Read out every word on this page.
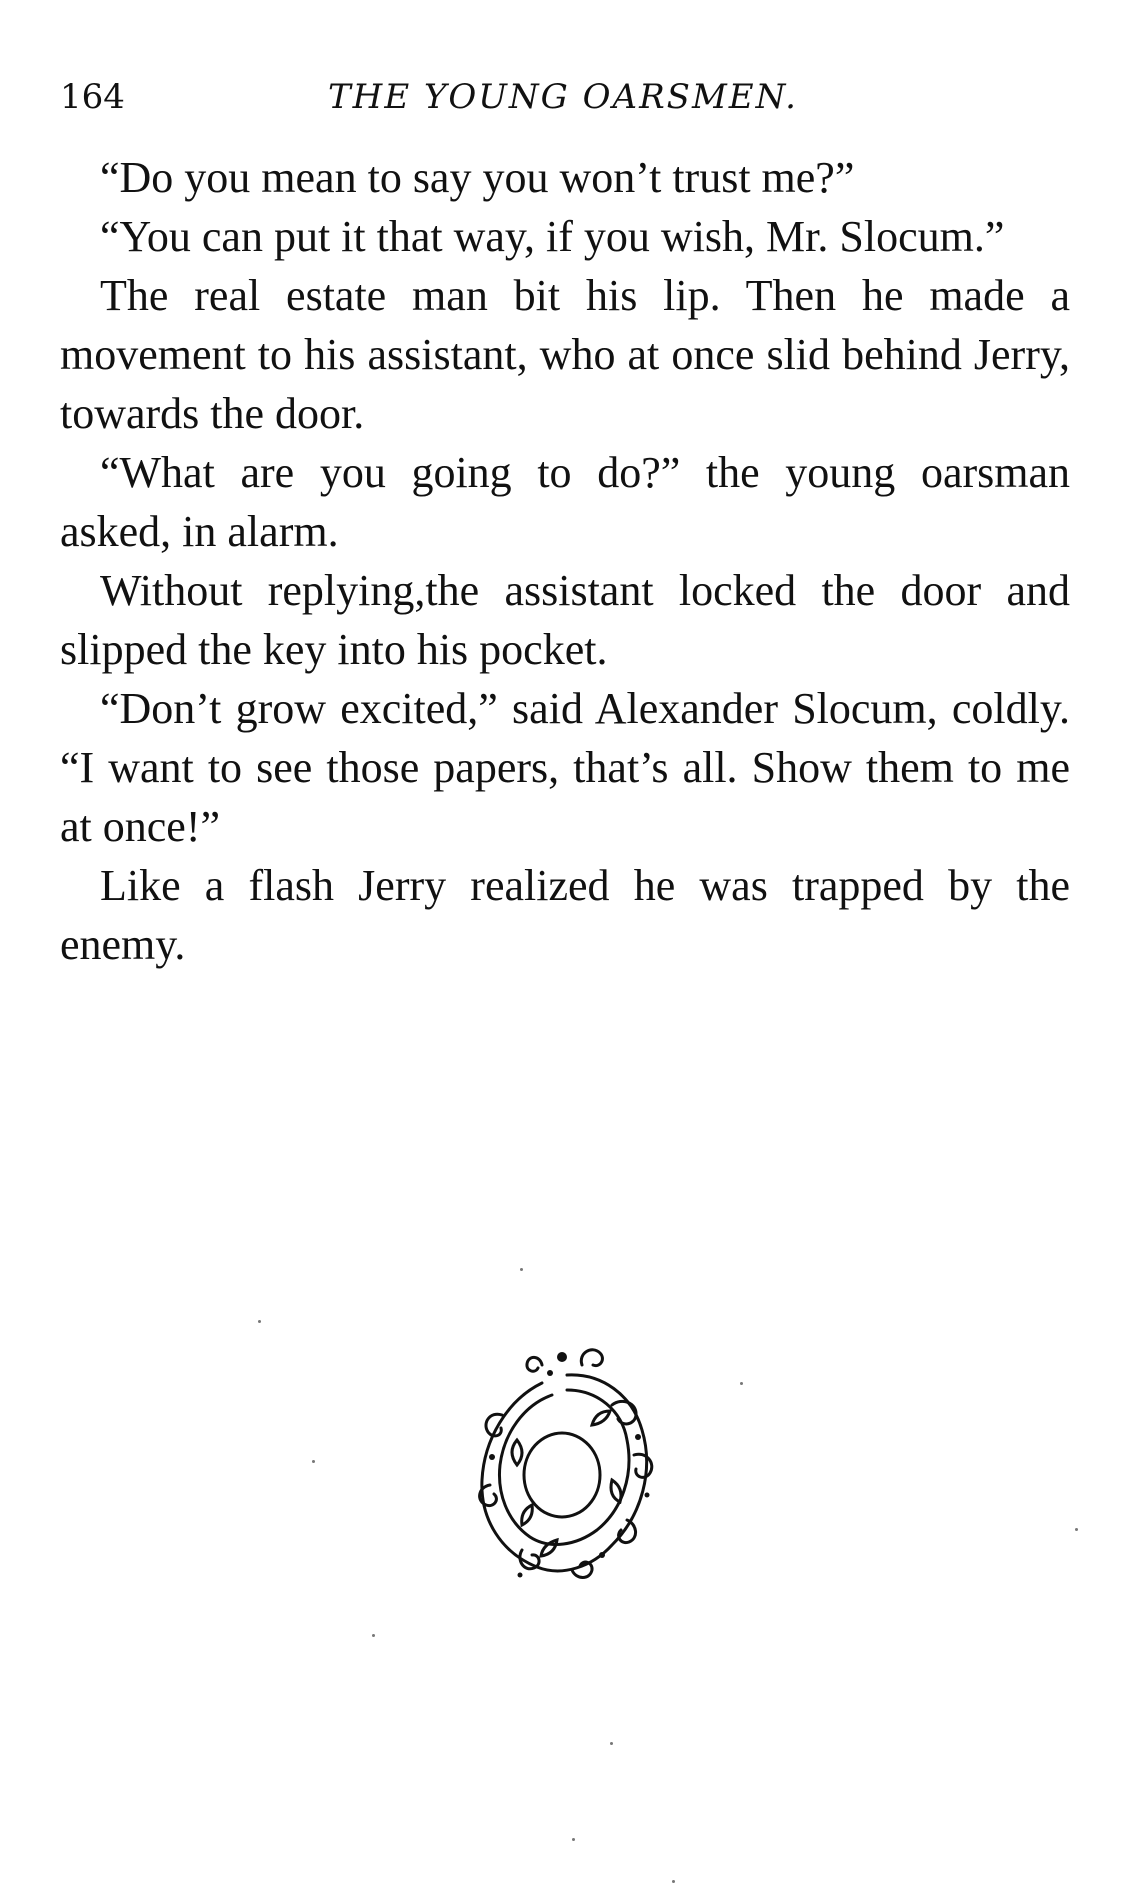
164	THE YOUNG OARSMEN.

“Do you mean to say you won’t trust me?”

“You can put it that way, if you wish, Mr. Slocum.”

The real estate man bit his lip. Then he made a movement to his assistant, who at once slid behind Jerry, towards the door.

“What are you going to do?” the young oarsman asked, in alarm.

Without replying,the assistant locked the door and slipped the key into his pocket.

“Don’t grow excited,” said Alexander Slocum, coldly. “I want to see those papers, that’s all. Show them to me at once!”

Like a flash Jerry realized he was trapped by the enemy.
